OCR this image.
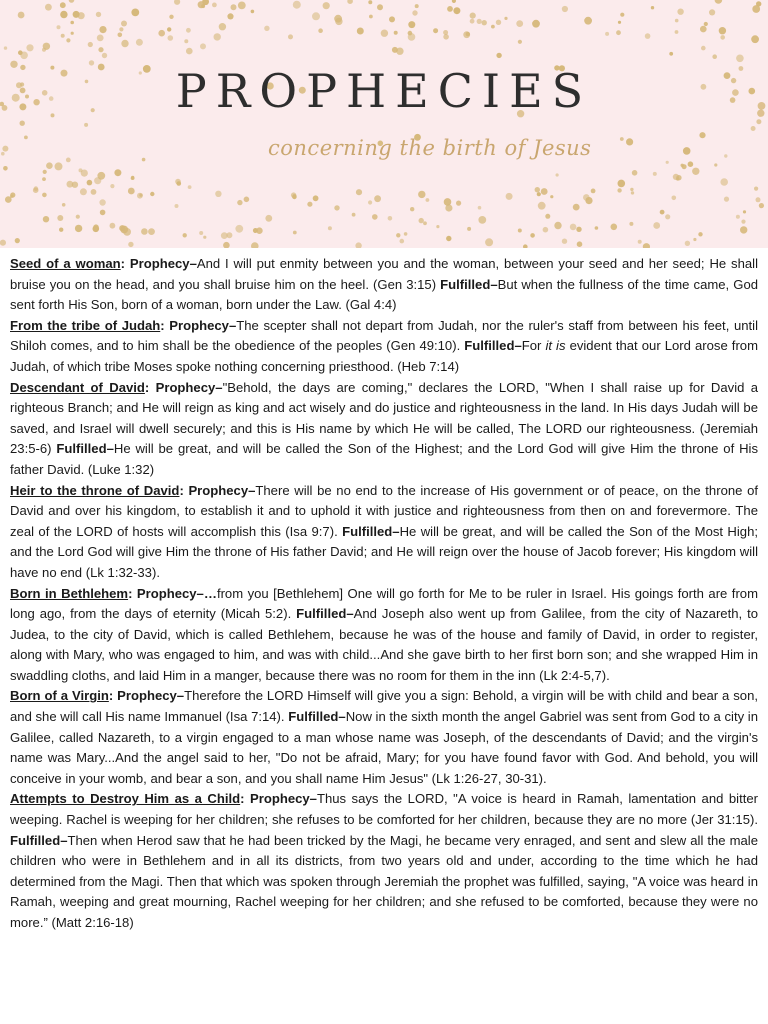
PROPHECIES
concerning the birth of Jesus

Seed of a woman: Prophecy–And I will put enmity between you and the woman, between your seed and her seed; He shall bruise you on the head, and you shall bruise him on the heel. (Gen 3:15) Fulfilled–But when the fullness of the time came, God sent forth His Son, born of a woman, born under the Law. (Gal 4:4)

From the tribe of Judah: Prophecy–The scepter shall not depart from Judah, nor the ruler's staff from between his feet, until Shiloh comes, and to him shall be the obedience of the peoples (Gen 49:10). Fulfilled–For it is evident that our Lord arose from Judah, of which tribe Moses spoke nothing concerning priesthood. (Heb 7:14)

Descendant of David: Prophecy–"Behold, the days are coming," declares the LORD, "When I shall raise up for David a righteous Branch; and He will reign as king and act wisely and do justice and righteousness in the land. In His days Judah will be saved, and Israel will dwell securely; and this is His name by which He will be called, The LORD our righteousness. (Jeremiah 23:5-6) Fulfilled–He will be great, and will be called the Son of the Highest; and the Lord God will give Him the throne of His father David. (Luke 1:32)

Heir to the throne of David: Prophecy–There will be no end to the increase of His government or of peace, on the throne of David and over his kingdom, to establish it and to uphold it with justice and righteousness from then on and forevermore. The zeal of the LORD of hosts will accomplish this (Isa 9:7). Fulfilled–He will be great, and will be called the Son of the Most High; and the Lord God will give Him the throne of His father David; and He will reign over the house of Jacob forever; His kingdom will have no end (Lk 1:32-33).

Born in Bethlehem: Prophecy–…from you [Bethlehem] One will go forth for Me to be ruler in Israel. His goings forth are from long ago, from the days of eternity (Micah 5:2). Fulfilled–And Joseph also went up from Galilee, from the city of Nazareth, to Judea, to the city of David, which is called Bethlehem, because he was of the house and family of David, in order to register, along with Mary, who was engaged to him, and was with child...And she gave birth to her first born son; and she wrapped Him in swaddling cloths, and laid Him in a manger, because there was no room for them in the inn (Lk 2:4-5,7).

Born of a Virgin: Prophecy–Therefore the LORD Himself will give you a sign: Behold, a virgin will be with child and bear a son, and she will call His name Immanuel (Isa 7:14). Fulfilled–Now in the sixth month the angel Gabriel was sent from God to a city in Galilee, called Nazareth, to a virgin engaged to a man whose name was Joseph, of the descendants of David; and the virgin's name was Mary...And the angel said to her, "Do not be afraid, Mary; for you have found favor with God. And behold, you will conceive in your womb, and bear a son, and you shall name Him Jesus" (Lk 1:26-27, 30-31).

Attempts to Destroy Him as a Child: Prophecy–Thus says the LORD, "A voice is heard in Ramah, lamentation and bitter weeping. Rachel is weeping for her children; she refuses to be comforted for her children, because they are no more (Jer 31:15). Fulfilled–Then when Herod saw that he had been tricked by the Magi, he became very enraged, and sent and slew all the male children who were in Bethlehem and in all its districts, from two years old and under, according to the time which he had determined from the Magi. Then that which was spoken through Jeremiah the prophet was fulfilled, saying, "A voice was heard in Ramah, weeping and great mourning, Rachel weeping for her children; and she refused to be comforted, because they were no more.” (Matt 2:16-18)
